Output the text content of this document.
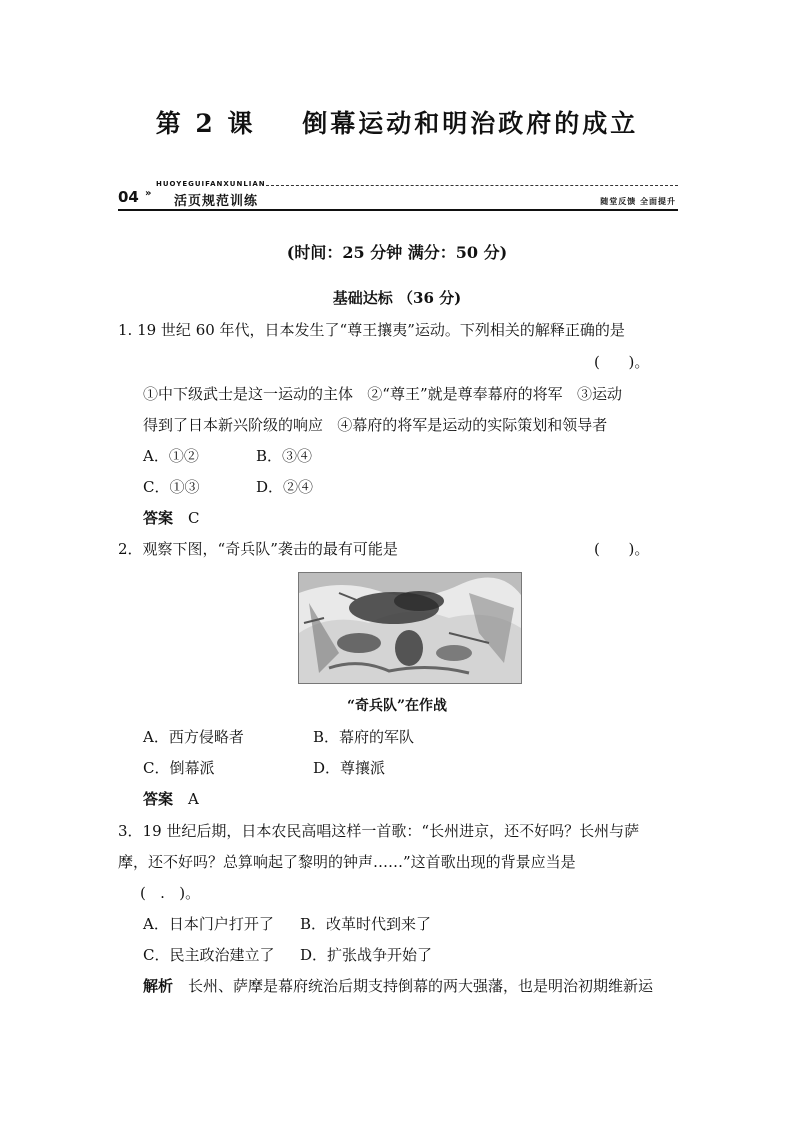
第 2 课    倒幕运动和明治政府的成立
HUOYEGUIFANXUNLIAN
04 »
活页规范训练	随堂反馈 全面提升
(时间：25 分钟 满分：50 分)
基础达标 （36 分)
1. 19 世纪 60 年代，日本发生了“尊王攘夷”运动。下列相关的解释正确的是
(      )。
①中下级武士是这一运动的主体   ②“尊王”就是尊奉幕府的将军   ③运动
得到了日本新兴阶级的响应   ④幕府的将军是运动的实际策划和领导者
A．①②	B．③④
C．①③	D．②④
答案 C
2．观察下图，“奇兵队”袭击的最有可能是	(      )。
“奇兵队”在作战
A．西方侵略者	B．幕府的军队
C．倒幕派	D．尊攘派
答案 A
3．19 世纪后期，日本农民高唱这样一首歌：“长州进京，还不好吗？长州与萨
摩，还不好吗？总算响起了黎明的钟声……”这首歌出现的背景应当是
(   .   )。
A．日本门户打开了 B．改革时代到来了
C．民主政治建立了 D．扩张战争开始了
解析 长州、萨摩是幕府统治后期支持倒幕的两大强藩，也是明治初期维新运
